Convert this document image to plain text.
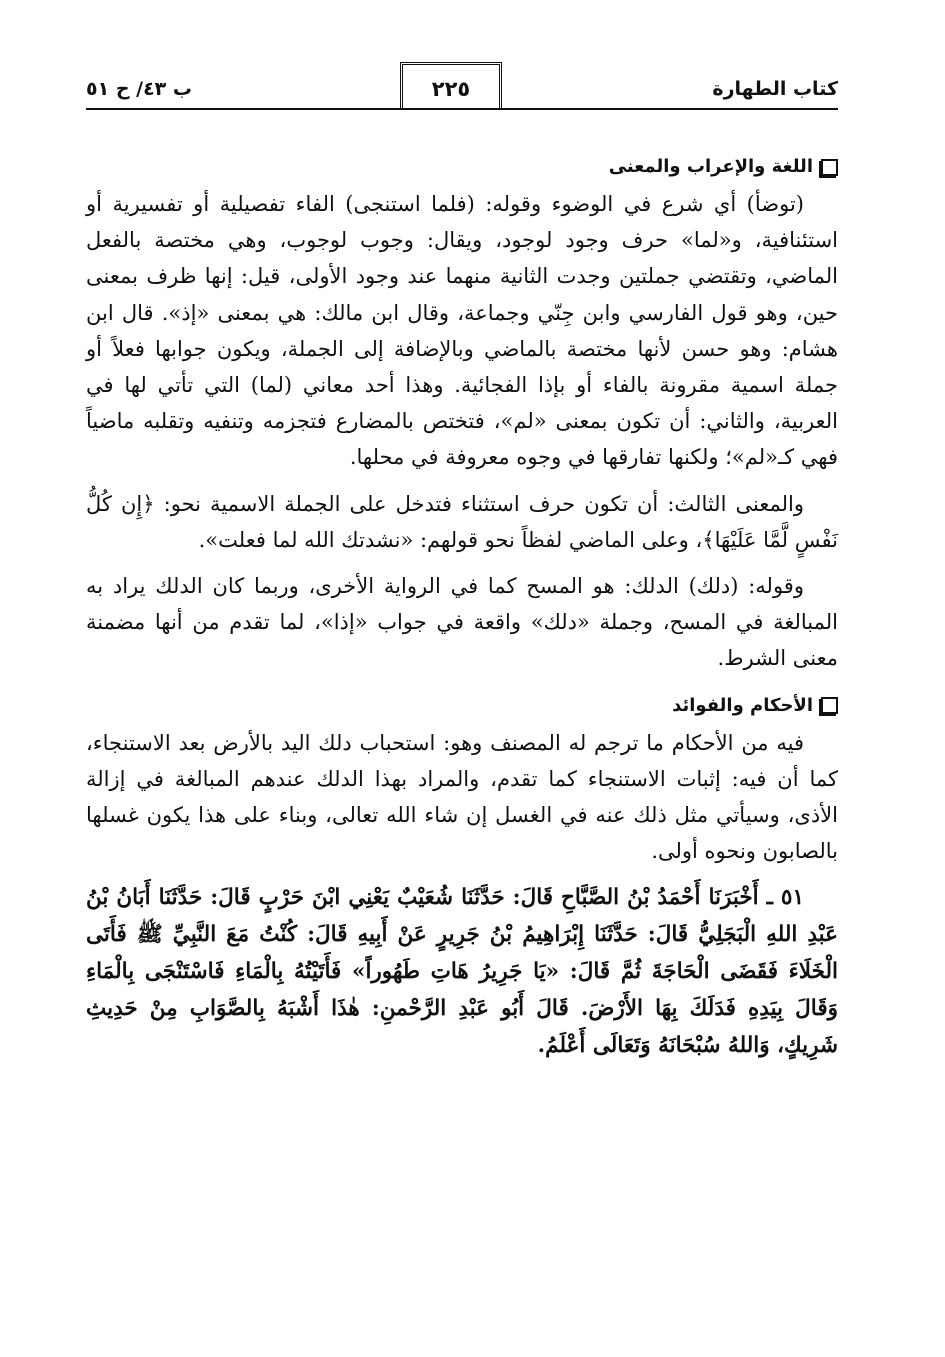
كتاب الطهارة
٢٢٥
ب ٤٣/ ح ٥١
اللغة والإعراب والمعنى

(توضأ) أي شرع في الوضوء وقوله: (فلما استنجى) الفاء تفصيلية أو تفسيرية أو استئنافية، و«لما» حرف وجود لوجود، ويقال: وجوب لوجوب، وهي مختصة بالفعل الماضي، وتقتضي جملتين وجدت الثانية منهما عند وجود الأولى، قيل: إنها ظرف بمعنى حين، وهو قول الفارسي وابن جِنّي وجماعة، وقال ابن مالك: هي بمعنى «إذ». قال ابن هشام: وهو حسن لأنها مختصة بالماضي وبالإضافة إلى الجملة، ويكون جوابها فعلاً أو جملة اسمية مقرونة بالفاء أو بإذا الفجائية. وهذا أحد معاني (لما) التي تأتي لها في العربية، والثاني: أن تكون بمعنى «لم»، فتختص بالمضارع فتجزمه وتنفيه وتقلبه ماضياً فهي كـ«لم»؛ ولكنها تفارقها في وجوه معروفة في محلها.

والمعنى الثالث: أن تكون حرف استثناء فتدخل على الجملة الاسمية نحو: ﴿إِن كُلُّ نَفْسٍ لَّمَّا عَلَيْهَا﴾، وعلى الماضي لفظاً نحو قولهم: «نشدتك الله لما فعلت».

وقوله: (دلك) الدلك: هو المسح كما في الرواية الأخرى، وربما كان الدلك يراد به المبالغة في المسح، وجملة «دلك» واقعة في جواب «إذا»، لما تقدم من أنها مضمنة معنى الشرط.

الأحكام والفوائد

فيه من الأحكام ما ترجم له المصنف وهو: استحباب دلك اليد بالأرض بعد الاستنجاء، كما أن فيه: إثبات الاستنجاء كما تقدم، والمراد بهذا الدلك عندهم المبالغة في إزالة الأذى، وسيأتي مثل ذلك عنه في الغسل إن شاء الله تعالى، وبناء على هذا يكون غسلها بالصابون ونحوه أولى.

٥١ ـ أَخْبَرَنَا أَحْمَدُ بْنُ الصَّبَّاحِ قَالَ: حَدَّثَنَا شُعَيْبٌ يَعْنِي ابْنَ حَرْبٍ قَالَ: حَدَّثَنَا أَبَانُ بْنُ عَبْدِ اللهِ الْبَجَلِيُّ قَالَ: حَدَّثَنَا إِبْرَاهِيمُ بْنُ جَرِيرٍ عَنْ أَبِيهِ قَالَ: كُنْتُ مَعَ النَّبِيِّ ﷺ فَأَتَى الْخَلَاءَ فَقَضَى الْحَاجَةَ ثُمَّ قَالَ: «يَا جَرِيرُ هَاتِ طَهُوراً» فَأَتَيْتُهُ بِالْمَاءِ فَاسْتَنْجَى بِالْمَاءِ وَقَالَ بِيَدِهِ فَدَلَكَ بِهَا الأَرْضَ. قَالَ أَبُو عَبْدِ الرَّحْمنِ: هٰذَا أَشْبَهُ بِالصَّوَابِ مِنْ حَدِيثِ شَرِيكٍ، وَاللهُ سُبْحَانَهُ وَتَعَالَى أَعْلَمُ.
